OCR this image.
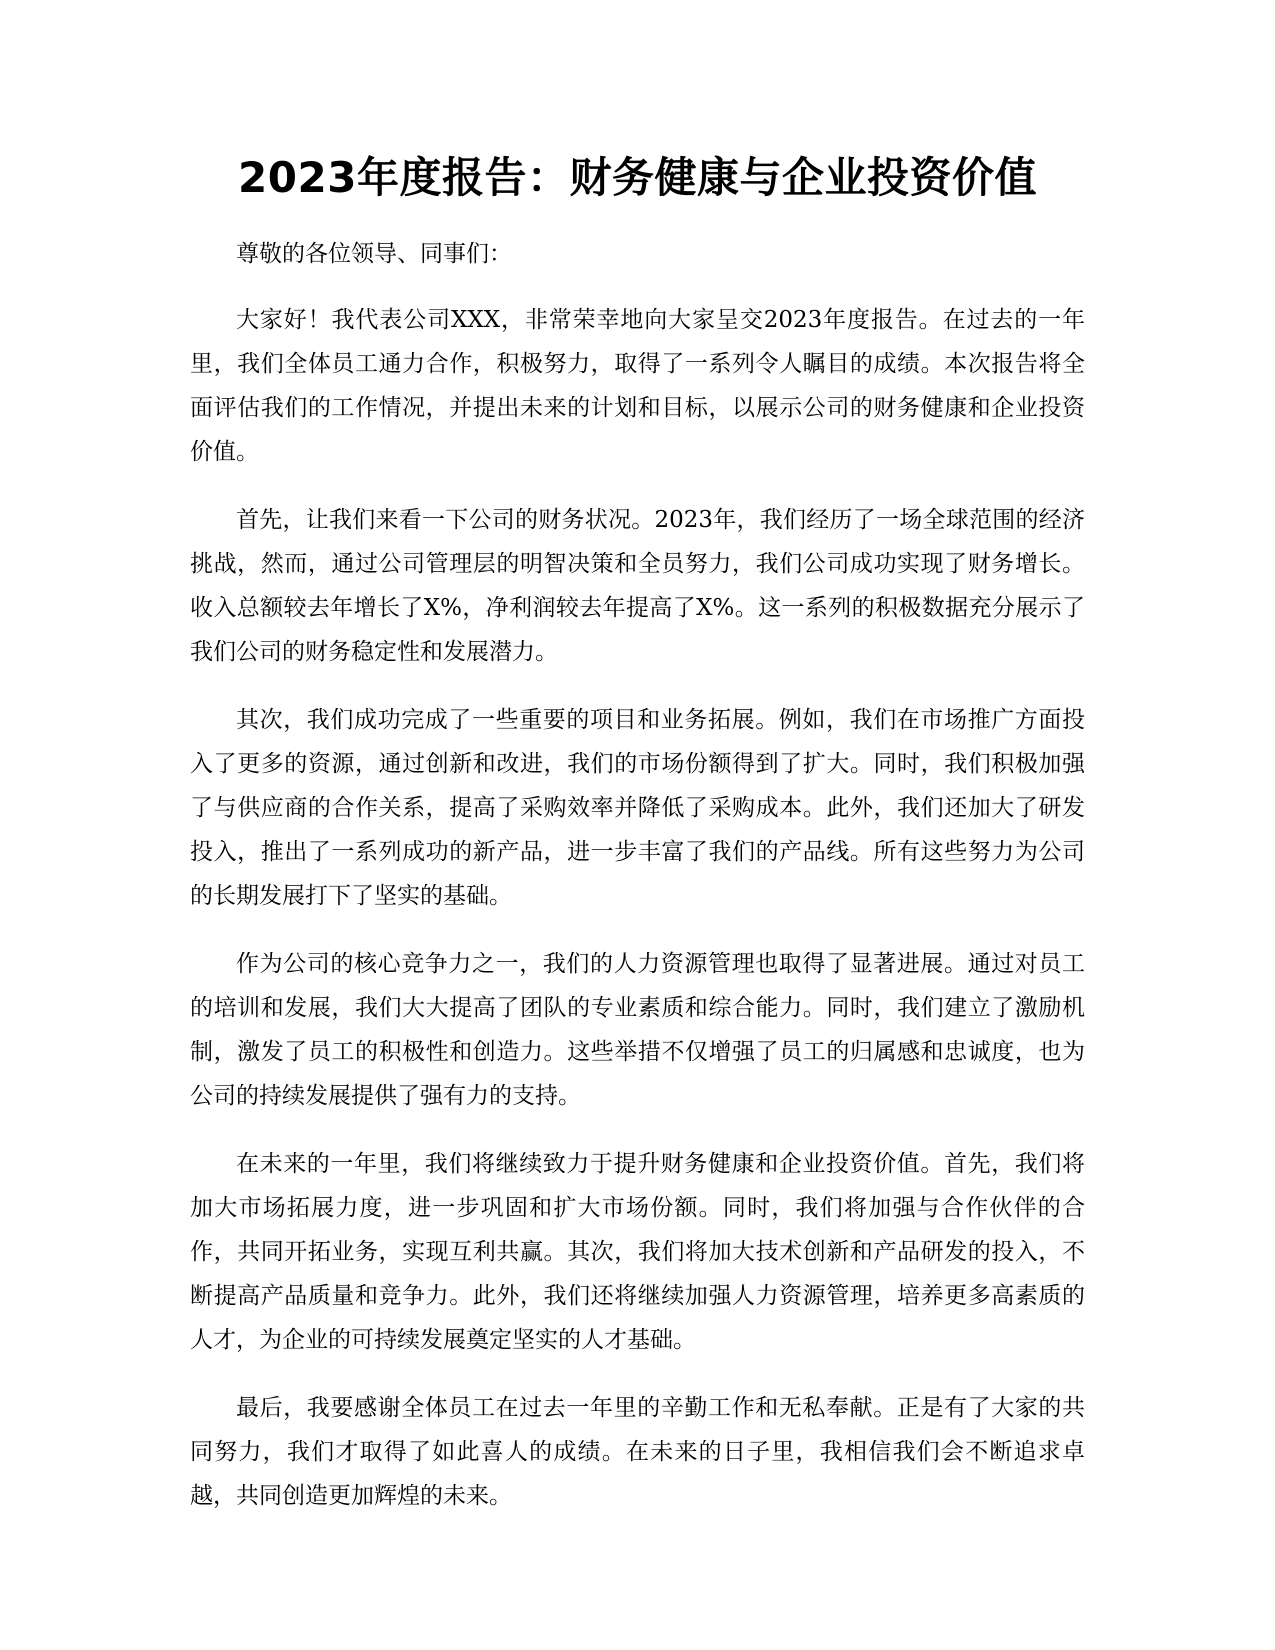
2023年度报告：财务健康与企业投资价值

尊敬的各位领导、同事们：

大家好！我代表公司XXX，非常荣幸地向大家呈交2023年度报告。在过去的一年里，我们全体员工通力合作，积极努力，取得了一系列令人瞩目的成绩。本次报告将全面评估我们的工作情况，并提出未来的计划和目标，以展示公司的财务健康和企业投资价值。

首先，让我们来看一下公司的财务状况。2023年，我们经历了一场全球范围的经济挑战，然而，通过公司管理层的明智决策和全员努力，我们公司成功实现了财务增长。收入总额较去年增长了X%，净利润较去年提高了X%。这一系列的积极数据充分展示了我们公司的财务稳定性和发展潜力。

其次，我们成功完成了一些重要的项目和业务拓展。例如，我们在市场推广方面投入了更多的资源，通过创新和改进，我们的市场份额得到了扩大。同时，我们积极加强了与供应商的合作关系，提高了采购效率并降低了采购成本。此外，我们还加大了研发投入，推出了一系列成功的新产品，进一步丰富了我们的产品线。所有这些努力为公司的长期发展打下了坚实的基础。

作为公司的核心竞争力之一，我们的人力资源管理也取得了显著进展。通过对员工的培训和发展，我们大大提高了团队的专业素质和综合能力。同时，我们建立了激励机制，激发了员工的积极性和创造力。这些举措不仅增强了员工的归属感和忠诚度，也为公司的持续发展提供了强有力的支持。

在未来的一年里，我们将继续致力于提升财务健康和企业投资价值。首先，我们将加大市场拓展力度，进一步巩固和扩大市场份额。同时，我们将加强与合作伙伴的合作，共同开拓业务，实现互利共赢。其次，我们将加大技术创新和产品研发的投入，不断提高产品质量和竞争力。此外，我们还将继续加强人力资源管理，培养更多高素质的人才，为企业的可持续发展奠定坚实的人才基础。

最后，我要感谢全体员工在过去一年里的辛勤工作和无私奉献。正是有了大家的共同努力，我们才取得了如此喜人的成绩。在未来的日子里，我相信我们会不断追求卓越，共同创造更加辉煌的未来。
